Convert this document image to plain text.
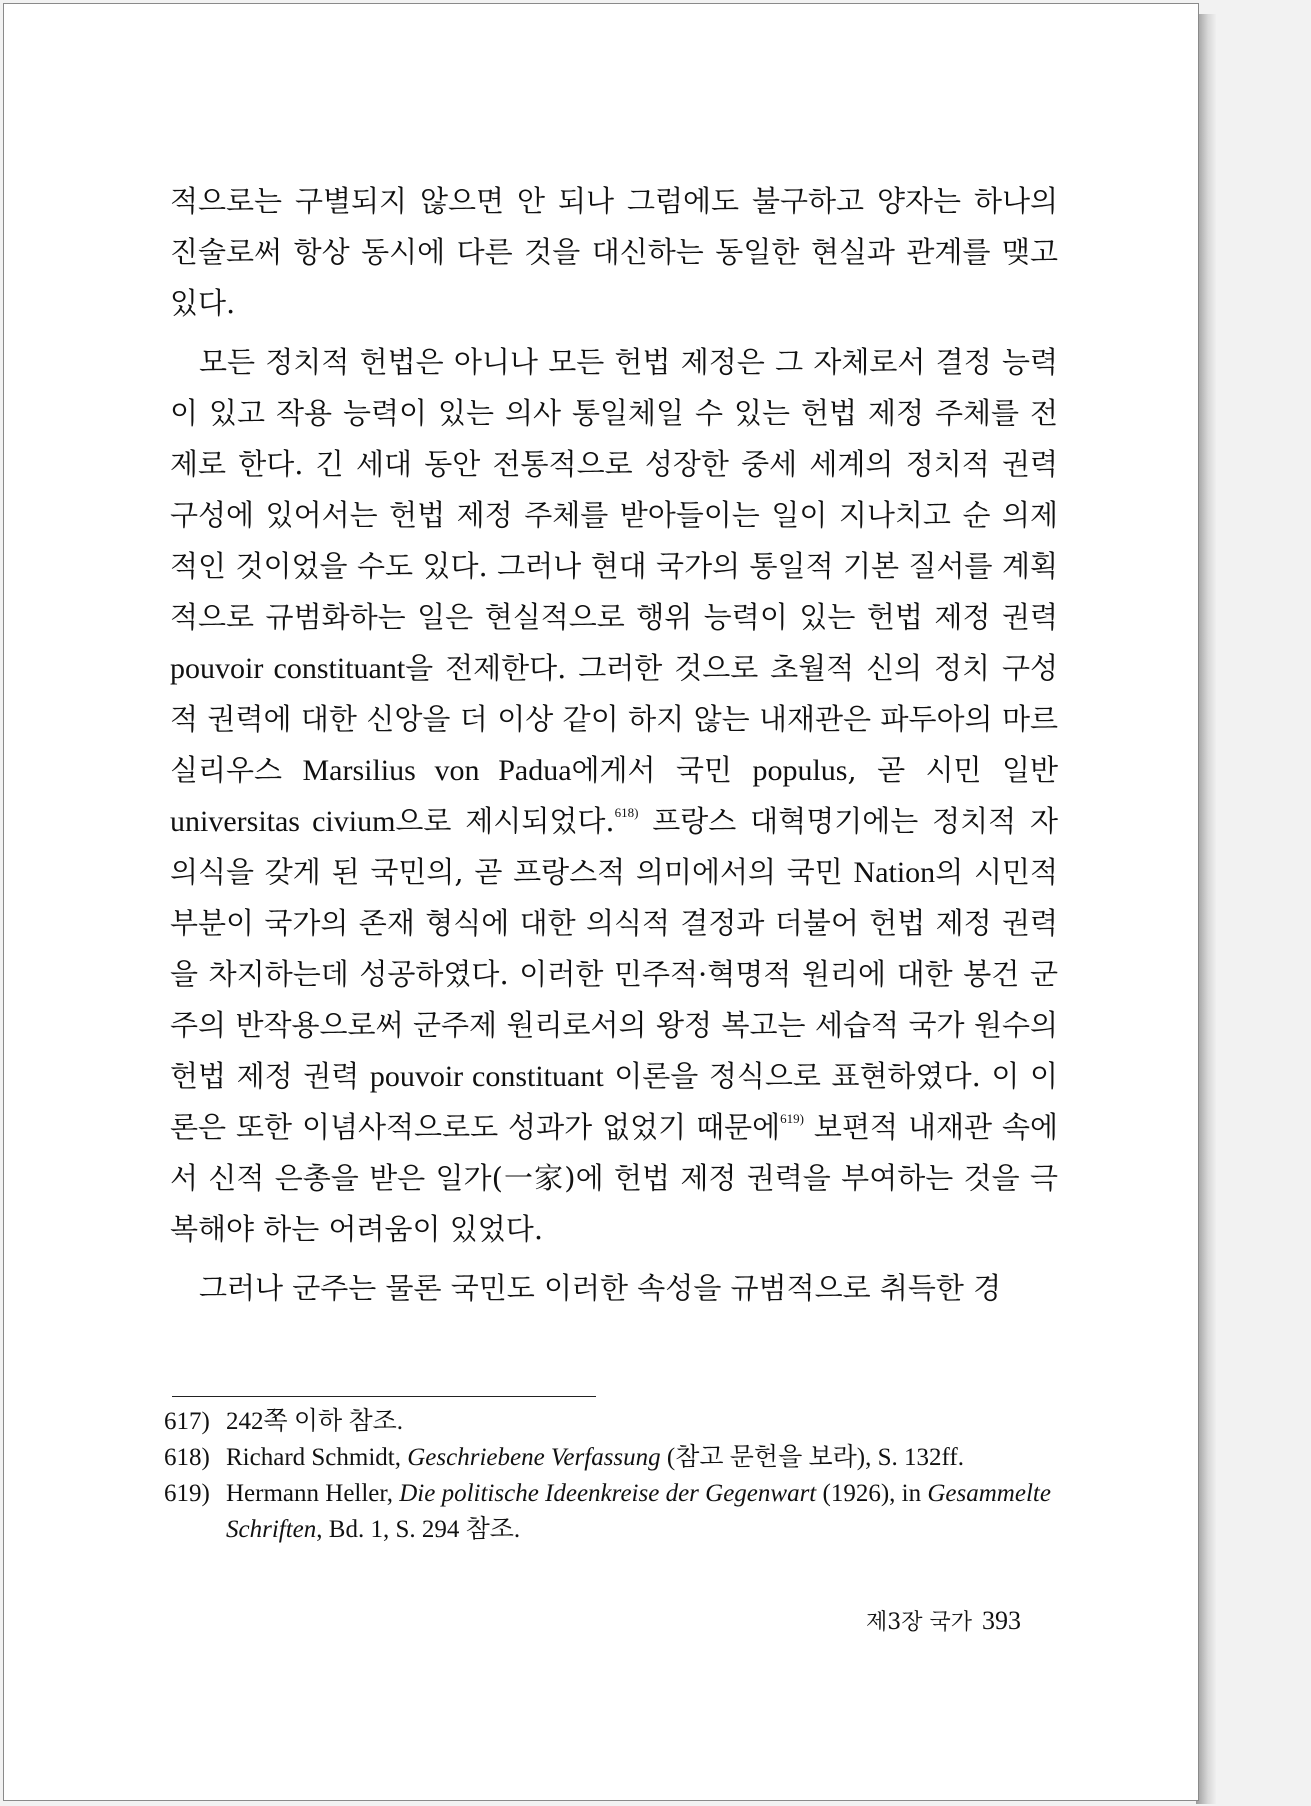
적으로는 구별되지 않으면 안 되나 그럼에도 불구하고 양자는 하나의 진술로써 항상 동시에 다른 것을 대신하는 동일한 현실과 관계를 맺고 있다.

모든 정치적 헌법은 아니나 모든 헌법 제정은 그 자체로서 결정 능력이 있고 작용 능력이 있는 의사 통일체일 수 있는 헌법 제정 주체를 전제로 한다. 긴 세대 동안 전통적으로 성장한 중세 세계의 정치적 권력 구성에 있어서는 헌법 제정 주체를 받아들이는 일이 지나치고 순 의제적인 것이었을 수도 있다. 그러나 현대 국가의 통일적 기본 질서를 계획적으로 규범화하는 일은 현실적으로 행위 능력이 있는 헌법 제정 권력 pouvoir constituant을 전제한다. 그러한 것으로 초월적 신의 정치 구성적 권력에 대한 신앙을 더 이상 같이 하지 않는 내재관은 파두아의 마르실리우스 Marsilius von Padua에게서 국민 populus, 곧 시민 일반 universitas civium으로 제시되었다.$^{618)}$ 프랑스 대혁명기에는 정치적 자의식을 갖게 된 국민의, 곧 프랑스적 의미에서의 국민 Nation의 시민적 부분이 국가의 존재 형식에 대한 의식적 결정과 더불어 헌법 제정 권력을 차지하는데 성공하였다. 이러한 민주적·혁명적 원리에 대한 봉건 군주의 반작용으로써 군주제 원리로서의 왕정 복고는 세습적 국가 원수의 헌법 제정 권력 pouvoir constituant 이론을 정식으로 표현하였다. 이 이론은 또한 이념사적으로도 성과가 없었기 때문에$^{619)}$ 보편적 내재관 속에서 신적 은총을 받은 일가(一家)에 헌법 제정 권력을 부여하는 것을 극복해야 하는 어려움이 있었다.

그러나 군주는 물론 국민도 이러한 속성을 규범적으로 취득한 경

617) 242쪽 이하 참조.
618) Richard Schmidt, Geschriebene Verfassung (참고 문헌을 보라), S. 132ff.
619) Hermann Heller, Die politische Ideenkreise der Gegenwart (1926), in Gesammelte Schriften, Bd. 1, S. 294 참조.
제3장 국가 393
